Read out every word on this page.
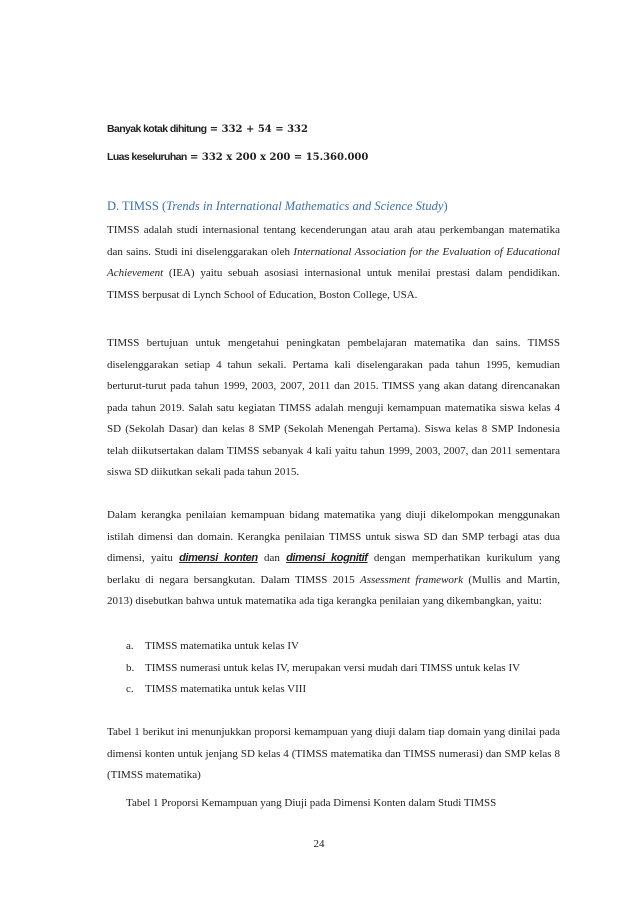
Banyak kotak dihitung = 332 + 54 = 332
Luas keseluruhan = 332 x 200 x 200 = 15.360.000
D. TIMSS (Trends in International Mathematics and Science Study)

TIMSS adalah studi internasional tentang kecenderungan atau arah atau perkembangan matematika dan sains. Studi ini diselenggarakan oleh International Association for the Evaluation of Educational Achievement (IEA) yaitu sebuah asosiasi internasional untuk menilai prestasi dalam pendidikan. TIMSS berpusat di Lynch School of Education, Boston College, USA.

TIMSS bertujuan untuk mengetahui peningkatan pembelajaran matematika dan sains. TIMSS diselenggarakan setiap 4 tahun sekali. Pertama kali diselengarakan pada tahun 1995, kemudian berturut-turut pada tahun 1999, 2003, 2007, 2011 dan 2015. TIMSS yang akan datang direncanakan pada tahun 2019. Salah satu kegiatan TIMSS adalah menguji kemampuan matematika siswa kelas 4 SD (Sekolah Dasar) dan kelas 8 SMP (Sekolah Menengah Pertama). Siswa kelas 8 SMP Indonesia telah diikutsertakan dalam TIMSS sebanyak 4 kali yaitu tahun 1999, 2003, 2007, dan 2011 sementara siswa SD diikutkan sekali pada tahun 2015.

Dalam kerangka penilaian kemampuan bidang matematika yang diuji dikelompokan menggunakan istilah dimensi dan domain. Kerangka penilaian TIMSS untuk siswa SD dan SMP terbagi atas dua dimensi, yaitu dimensi konten dan dimensi kognitif dengan memperhatikan kurikulum yang berlaku di negara bersangkutan. Dalam TIMSS 2015 Assessment framework (Mullis and Martin, 2013) disebutkan bahwa untuk matematika ada tiga kerangka penilaian yang dikembangkan, yaitu:

a.	TIMSS matematika untuk kelas IV
b. TIMSS numerasi untuk kelas IV, merupakan versi mudah dari TIMSS untuk kelas IV
c.	TIMSS matematika untuk kelas VIII

Tabel 1 berikut ini menunjukkan proporsi kemampuan yang diuji dalam tiap domain yang dinilai pada dimensi konten untuk jenjang SD kelas 4 (TIMSS matematika dan TIMSS numerasi) dan SMP kelas 8 (TIMSS matematika)

Tabel 1 Proporsi Kemampuan yang Diuji pada Dimensi Konten dalam Studi TIMSS
24
